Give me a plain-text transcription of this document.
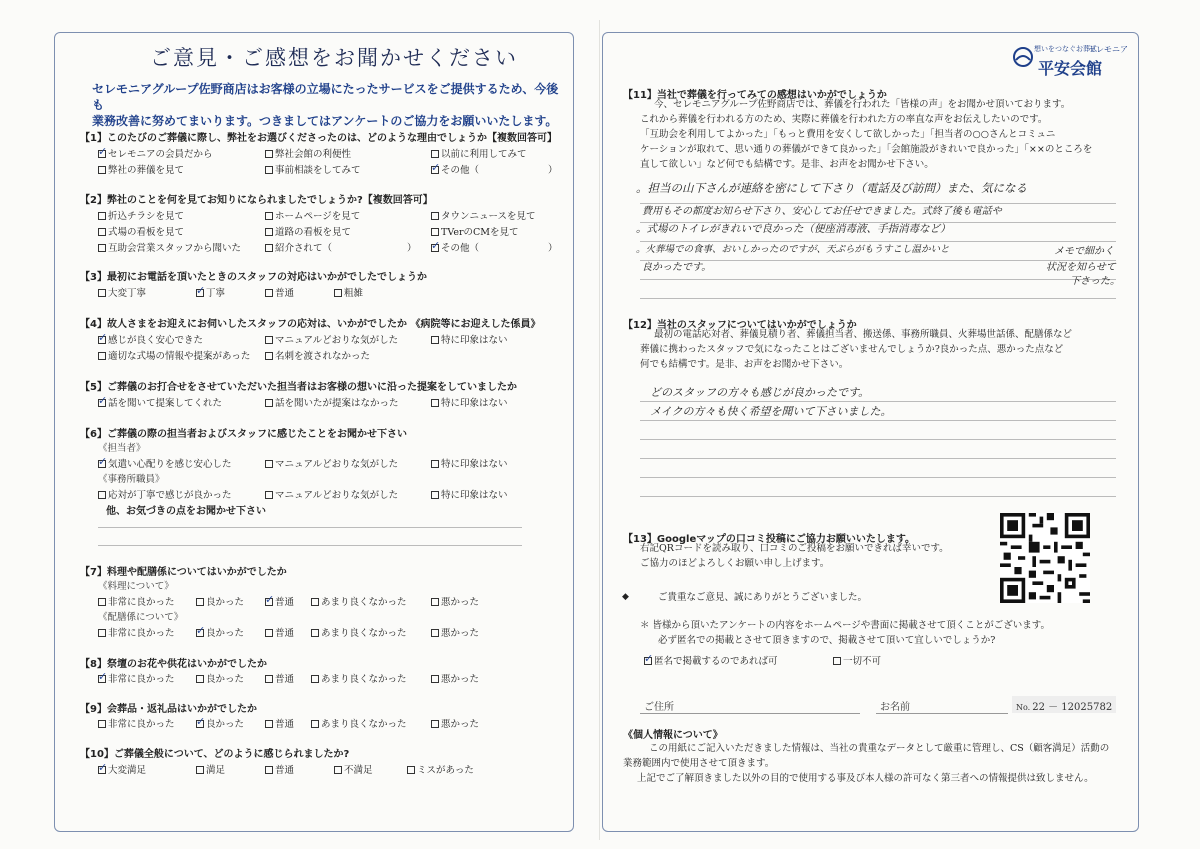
ご意見・ご感想をお聞かせください
セレモニアグループ佐野商店はお客様の立場にたったサービスをご提供するため、今後も
業務改善に努めてまいります。つきましてはアンケートのご協力をお願いいたします。
【1】このたびのご葬儀に際し、弊社をお選びくださったのは、どのような理由でしょうか【複数回答可】
✓セレモニアの会員だから	弊社会館の利便性	以前に利用してみて
弊社の葬儀を見て	事前相談をしてみて ✓	その他（	）
【2】弊社のことを何を見てお知りになられましたでしょうか?【複数回答可】
折込チラシを見て	ホームページを見て	タウンニュースを見て
式場の看板を見て	道路の看板を見て	TVerのCMを見て
互助会営業スタッフから聞いた	紹介されて（	） ✓	その他（	）
【3】最初にお電話を頂いたときのスタッフの対応はいかがでしたでしょうか
大変丁寧 ✓	丁寧	普通	粗雑
【4】故人さまをお迎えにお伺いしたスタッフの応対は、いかがでしたか 《病院等にお迎えした係員》
✓感じが良く安心できた	マニュアルどおりな気がした	特に印象はない
適切な式場の情報や提案があった	名刺を渡されなかった
【5】ご葬儀のお打合せをさせていただいた担当者はお客様の想いに沿った提案をしていましたか
✓話を聞いて提案してくれた	話を聞いたが提案はなかった	特に印象はない
【6】ご葬儀の際の担当者およびスタッフに感じたことをお聞かせ下さい
《担当者》
✓気遣い心配りを感じ安心した	マニュアルどおりな気がした	特に印象はない
《事務所職員》
応対が丁寧で感じが良かった	マニュアルどおりな気がした	特に印象はない
他、お気づきの点をお聞かせ下さい
【7】料理や配膳係についてはいかがでしたか
《料理について》
非常に良かった	良かった ✓	普通	あまり良くなかった	悪かった
《配膳係について》
非常に良かった ✓	良かった	普通	あまり良くなかった	悪かった
【8】祭壇のお花や供花はいかがでしたか
✓非常に良かった	良かった	普通	あまり良くなかった	悪かった
【9】会葬品・返礼品はいかがでしたか
非常に良かった ✓	良かった	普通	あまり良くなかった	悪かった
【10】ご葬儀全般について、どのように感じられましたか?
✓大変満足	満足	普通	不満足	ミスがあった
想いをつなぐお葬式
セレモニア
平安会館
【11】当社で葬儀を行ってみての感想はいかがでしょうか
今、セレモニアグループ佐野商店では、葬儀を行われた「皆様の声」をお聞かせ頂いております。
これから葬儀を行われる方のため、実際に葬儀を行われた方の率直な声をお伝えしたいのです。
「互助会を利用してよかった」「もっと費用を安くして欲しかった」「担当者の○○さんとコミュニ
ケーションが取れて、思い通りの葬儀ができて良かった」「会館施設がきれいで良かった」「××のところを
直して欲しい」など何でも結構です。是非、お声をお聞かせ下さい。
。担当の山下さんが連絡を密にして下さり（電話及び訪問）また、気になる
費用もその都度お知らせ下さり、安心してお任せできました。式終了後も電話や
。式場のトイレがきれいで良かった（便座消毒液、手指消毒など）
。火葬場での食事、おいしかったのですが、天ぷらがもうすこし温かいと
良かったです。
メモで細かく
状況を知らせて
下さった。
【12】当社のスタッフについてはいかがでしょうか
最初の電話応対者、葬儀見積り者、葬儀担当者、搬送係、事務所職員、火葬場世話係、配膳係など
葬儀に携わったスタッフで気になったことはございませんでしょうか?良かった点、悪かった点など
何でも結構です。是非、お声をお聞かせ下さい。
どのスタッフの方々も感じが良かったです。
メイクの方々も快く希望を聞いて下さいました。
【13】Googleマップの口コミ投稿にご協力お願いいたします。
右記QRコードを読み取り、口コミのご投稿をお願いできれば幸いです。
ご協力のほどよろしくお願い申し上げます。
◆	ご貴重なご意見、誠にありがとうございました。
＊ 皆様から頂いたアンケートの内容をホームページや書面に掲載させて頂くことがございます。
必ず匿名での掲載とさせて頂きますので、掲載させて頂いて宜しいでしょうか?
✓匿名で掲載するのであれば可	一切不可
ご住所	お名前	No. 22 － 12025782
《個人情報について》
この用紙にご記入いただきました情報は、当社の貴重なデータとして厳重に管理し、CS（顧客満足）活動の
業務範囲内で使用させて頂きます。
上記でご了解頂きました以外の目的で使用する事及び本人様の許可なく第三者への情報提供は致しません。
